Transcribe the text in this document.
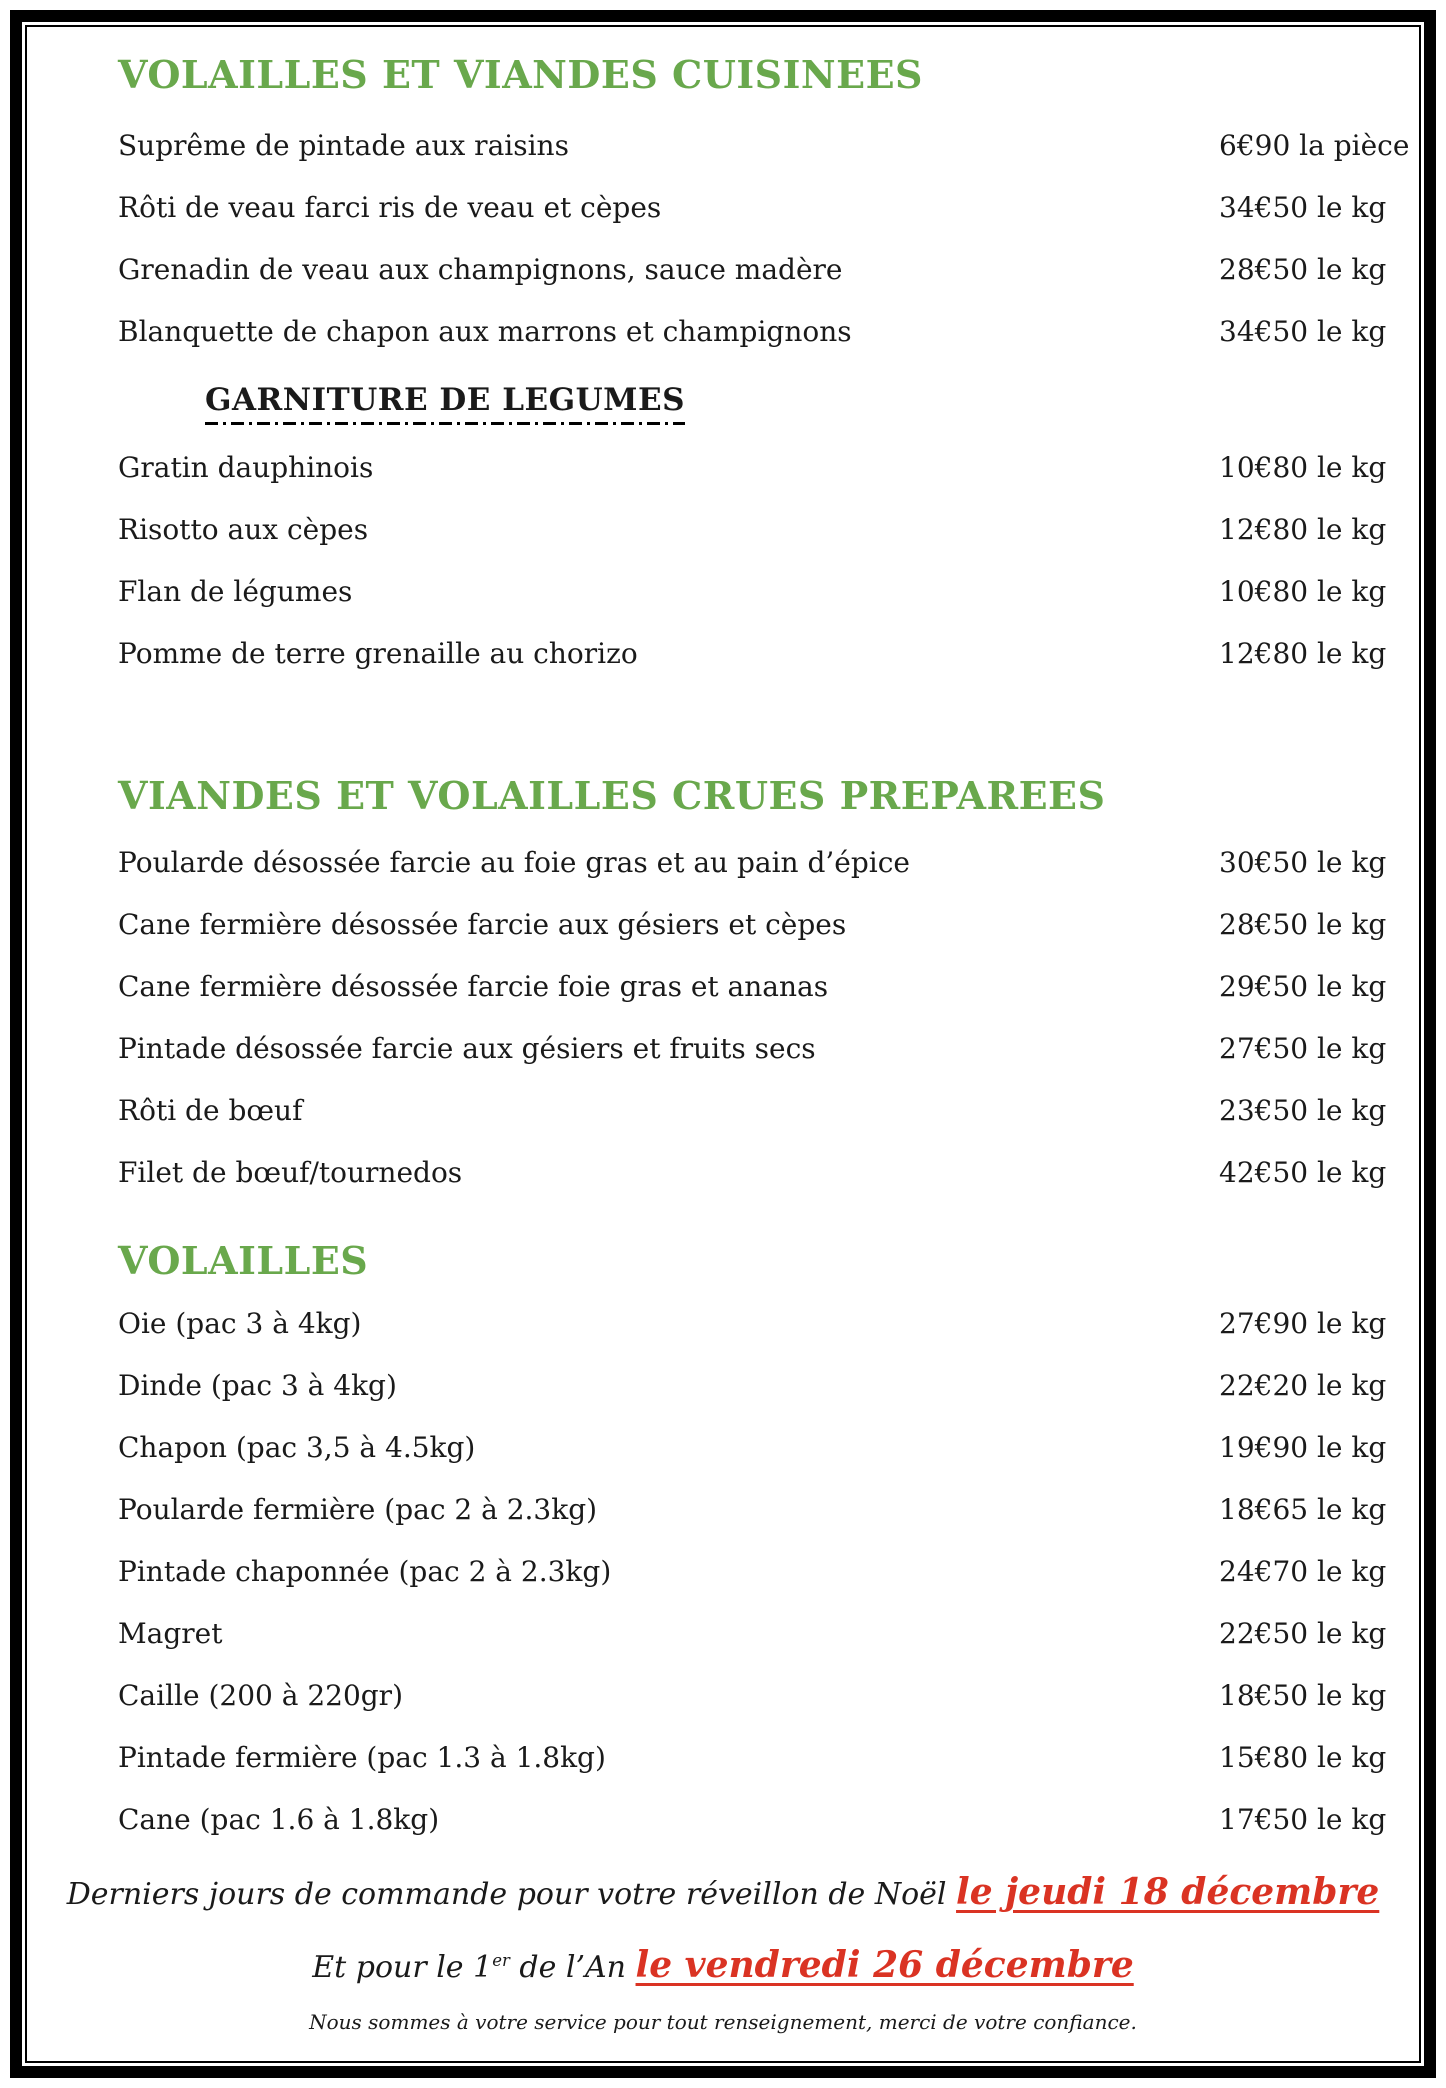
VOLAILLES ET VIANDES CUISINEES
Suprême de pintade aux raisins	6€90 la pièce
Rôti de veau farci ris de veau et cèpes	34€50 le kg
Grenadin de veau aux champignons, sauce madère	28€50 le kg
Blanquette de chapon aux marrons et champignons	34€50 le kg
GARNITURE DE LEGUMES
Gratin dauphinois	10€80 le kg
Risotto aux cèpes	12€80 le kg
Flan de légumes	10€80 le kg
Pomme de terre grenaille au chorizo	12€80 le kg
VIANDES ET VOLAILLES CRUES PREPAREES
Poularde désossée farcie au foie gras et au pain d’épice	30€50 le kg
Cane fermière désossée farcie aux gésiers et cèpes	28€50 le kg
Cane fermière désossée farcie foie gras et ananas	29€50 le kg
Pintade désossée farcie aux gésiers et fruits secs	27€50 le kg
Rôti de bœuf	23€50 le kg
Filet de bœuf/tournedos	42€50 le kg
VOLAILLES
Oie (pac 3 à 4kg)	27€90 le kg
Dinde (pac 3 à 4kg)	22€20 le kg
Chapon (pac 3,5 à 4.5kg)	19€90 le kg
Poularde fermière (pac 2 à 2.3kg)	18€65 le kg
Pintade chaponnée (pac 2 à 2.3kg)	24€70 le kg
Magret	22€50 le kg
Caille (200 à 220gr)	18€50 le kg
Pintade fermière (pac 1.3 à 1.8kg)	15€80 le kg
Cane (pac 1.6 à 1.8kg)	17€50 le kg
Derniers jours de commande pour votre réveillon de Noël le jeudi 18 décembre
Et pour le 1er de l’An le vendredi 26 décembre
Nous sommes à votre service pour tout renseignement, merci de votre confiance.
